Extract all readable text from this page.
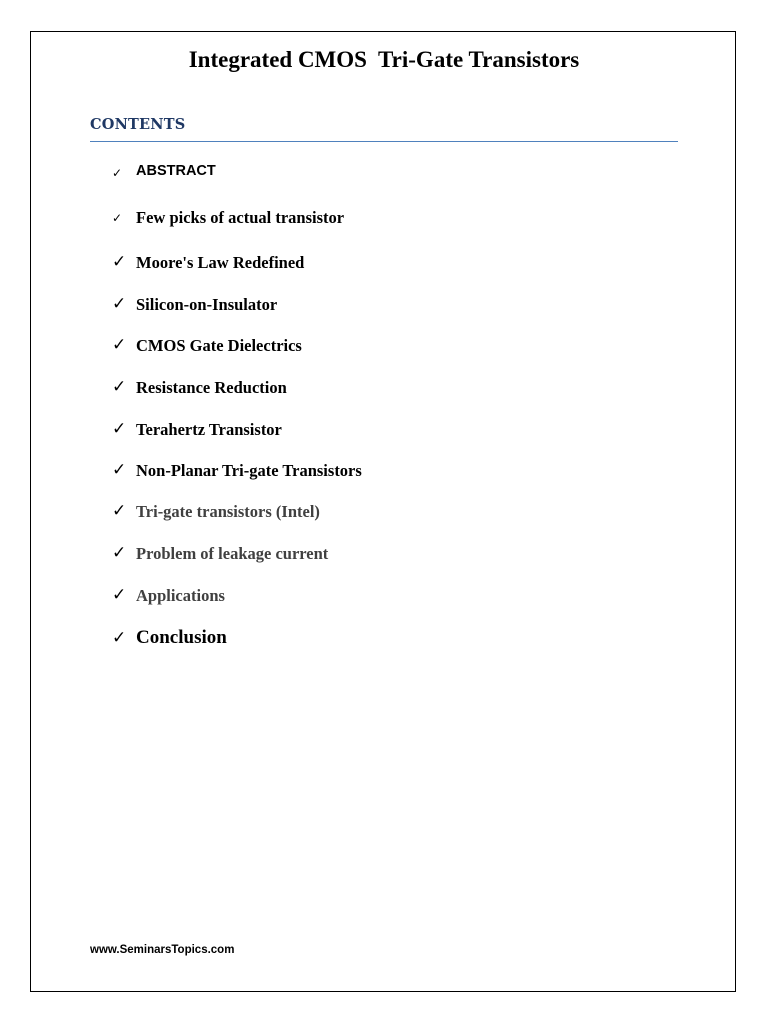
Integrated CMOS  Tri-Gate Transistors
CONTENTS
✓ ABSTRACT
✓ Few picks of actual transistor
✓ Moore's Law Redefined
✓ Silicon-on-Insulator
✓ CMOS Gate Dielectrics
✓ Resistance Reduction
✓ Terahertz Transistor
✓ Non-Planar Tri-gate Transistors
✓ Tri-gate transistors (Intel)
✓ Problem of leakage current
✓ Applications
✓ Conclusion
www.SeminarsTopics.com
